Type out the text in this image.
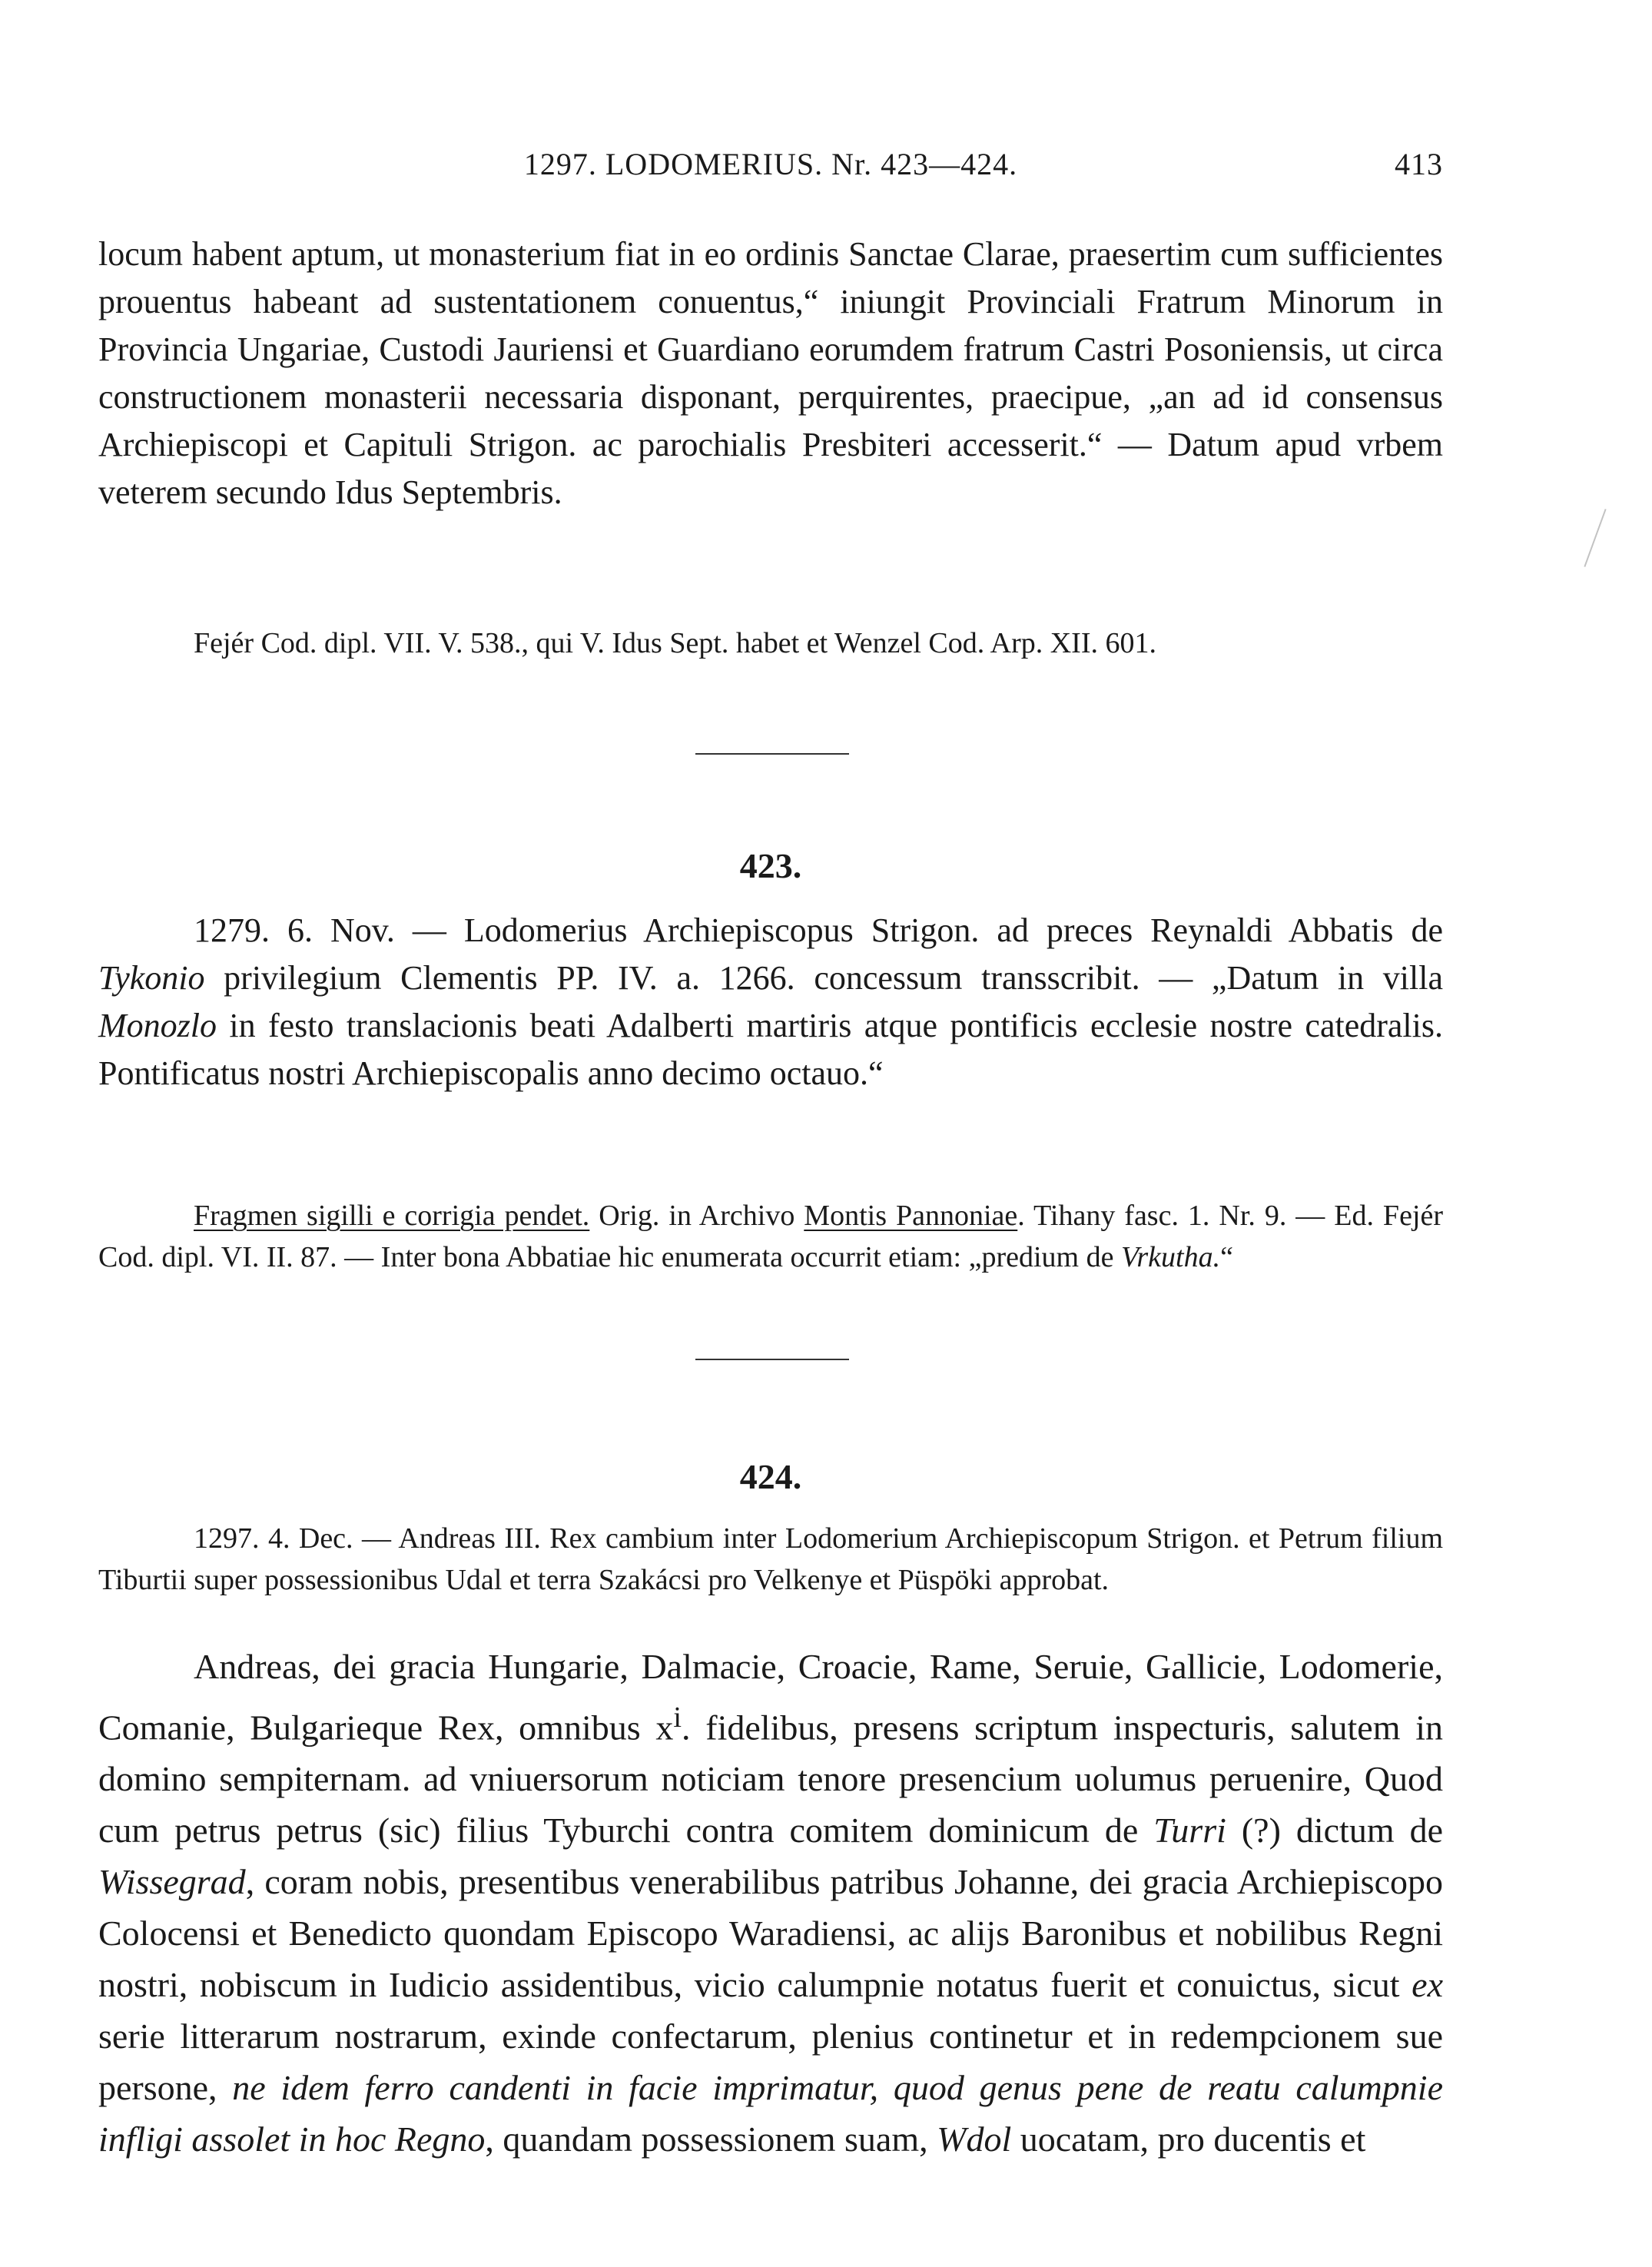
1297. LODOMERIUS. Nr. 423—424.	413
locum habent aptum, ut monasterium fiat in eo ordinis Sanctae Clarae, praesertim cum sufficientes prouentus habeant ad sustentationem conuentus,“ iniungit Provinciali Fratrum Minorum in Provincia Ungariae, Custodi Jauriensi et Guardiano eorumdem fratrum Castri Posoniensis, ut circa constructionem monasterii necessaria disponant, perquirentes, praecipue, „an ad id consensus Archiepiscopi et Capituli Strigon. ac parochialis Presbiteri accesserit.“ — Datum apud vrbem veterem secundo Idus Septembris.
Fejér Cod. dipl. VII. V. 538., qui V. Idus Sept. habet et Wenzel Cod. Arp. XII. 601.
423.
1279. 6. Nov. — Lodomerius Archiepiscopus Strigon. ad preces Reynaldi Abbatis de Tykonio privilegium Clementis PP. IV. a. 1266. concessum transscribit. — „Datum in villa Monozlo in festo translacionis beati Adalberti martiris atque pontificis ecclesie nostre catedralis. Pontificatus nostri Archiepiscopalis anno decimo octauo.“
Fragmen sigilli e corrigia pendet. Orig. in Archivo Montis Pannoniae. Tihany fasc. 1. Nr. 9. — Ed. Fejér Cod. dipl. VI. II. 87. — Inter bona Abbatiae hic enumerata occurrit etiam: „predium de Vrkutha.“
424.
1297. 4. Dec. — Andreas III. Rex cambium inter Lodomerium Archiepiscopum Strigon. et Petrum filium Tiburtii super possessionibus Udal et terra Szakácsi pro Velkenye et Püspöki approbat.
Andreas, dei gracia Hungarie, Dalmacie, Croacie, Rame, Seruie, Gallicie, Lodomerie, Comanie, Bulgarieque Rex, omnibus $x^i$. fidelibus, presens scriptum inspecturis, salutem in domino sempiternam. ad vniuersorum noticiam tenore presencium uolumus peruenire, Quod cum petrus petrus (sic) filius Tyburchi contra comitem dominicum de Turri (?) dictum de Wissegrad, coram nobis, presentibus venerabilibus patribus Johanne, dei gracia Archiepiscopo Colocensi et Benedicto quondam Episcopo Waradiensi, ac alijs Baronibus et nobilibus Regni nostri, nobiscum in Iudicio assidentibus, vicio calumpnie notatus fuerit et conuictus, sicut ex serie litterarum nostrarum, exinde confectarum, plenius continetur et in redempcionem sue persone, ne idem ferro candenti in facie imprimatur, quod genus pene de reatu calumpnie infligi assolet in hoc Regno, quandam possessionem suam, Wdol uocatam, pro ducentis et
